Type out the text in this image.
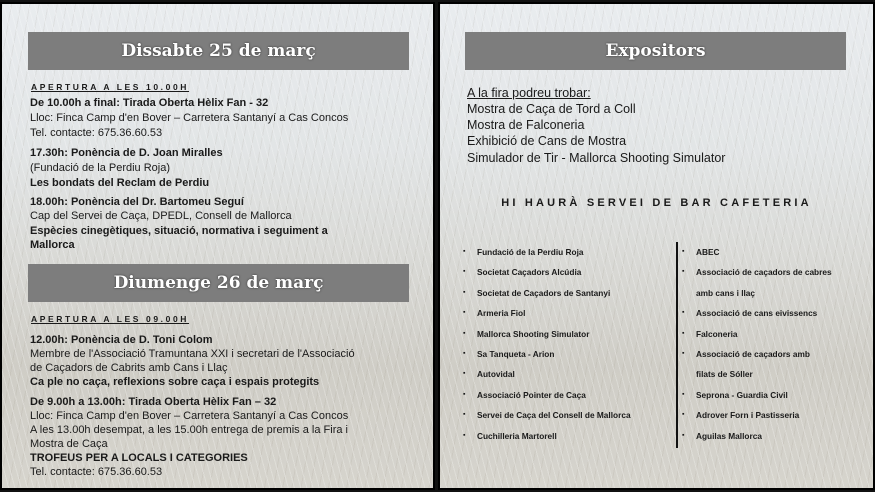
Dissabte 25 de març
APERTURA A LES 10.00H
De 10.00h a final: Tirada Oberta Hèlix Fan - 32
Lloc: Finca Camp d'en Bover – Carretera Santanyí a Cas Concos
Tel. contacte: 675.36.60.53
17.30h: Ponència de D. Joan Miralles
(Fundació de la Perdiu Roja)
Les bondats del Reclam de Perdiu
18.00h: Ponència del Dr. Bartomeu Seguí
Cap del Servei de Caça, DPEDL, Consell de Mallorca
Espècies cinegètiques, situació, normativa i seguiment a
Mallorca
Diumenge 26 de març
APERTURA A LES 09.00H
12.00h: Ponència de D. Toni Colom
Membre de l'Associació Tramuntana XXI i secretari de l'Associació
de Caçadors de Cabrits amb Cans i Llaç
Ca ple no caça, reflexions sobre caça i espais protegits
De 9.00h a 13.00h: Tirada Oberta Hèlix Fan – 32
Lloc: Finca Camp d'en Bover – Carretera Santanyí a Cas Concos
A les 13.00h desempat, a les 15.00h entrega de premis a la Fira i
Mostra de Caça
TROFEUS PER A LOCALS I CATEGORIES
Tel. contacte: 675.36.60.53
Expositors
A la fira podreu trobar:
Mostra de Caça de Tord a Coll
Mostra de Falconeria
Exhibició de Cans de Mostra
Simulador de Tir - Mallorca Shooting Simulator
HI HAURÀ SERVEI DE BAR CAFETERIA
▪ Fundació de la Perdiu Roja
▪ Societat Caçadors Alcúdia
▪ Societat de Caçadors de Santanyi
▪ Armeria Fiol
▪ Mallorca Shooting Simulator
▪ Sa Tanqueta - Arion
▪ Autovidal
▪ Associació Pointer de Caça
▪ Servei de Caça del Consell de Mallorca
▪ Cuchilleria Martorell
▪ ABEC
▪ Associació de caçadors de cabres
amb cans i llaç
▪ Associació de cans eivissencs
▪ Falconeria
▪ Associació de caçadors amb
filats de Sóller
▪ Seprona - Guardia Civil
▪ Adrover Forn i Pastisseria
▪ Aguilas Mallorca
